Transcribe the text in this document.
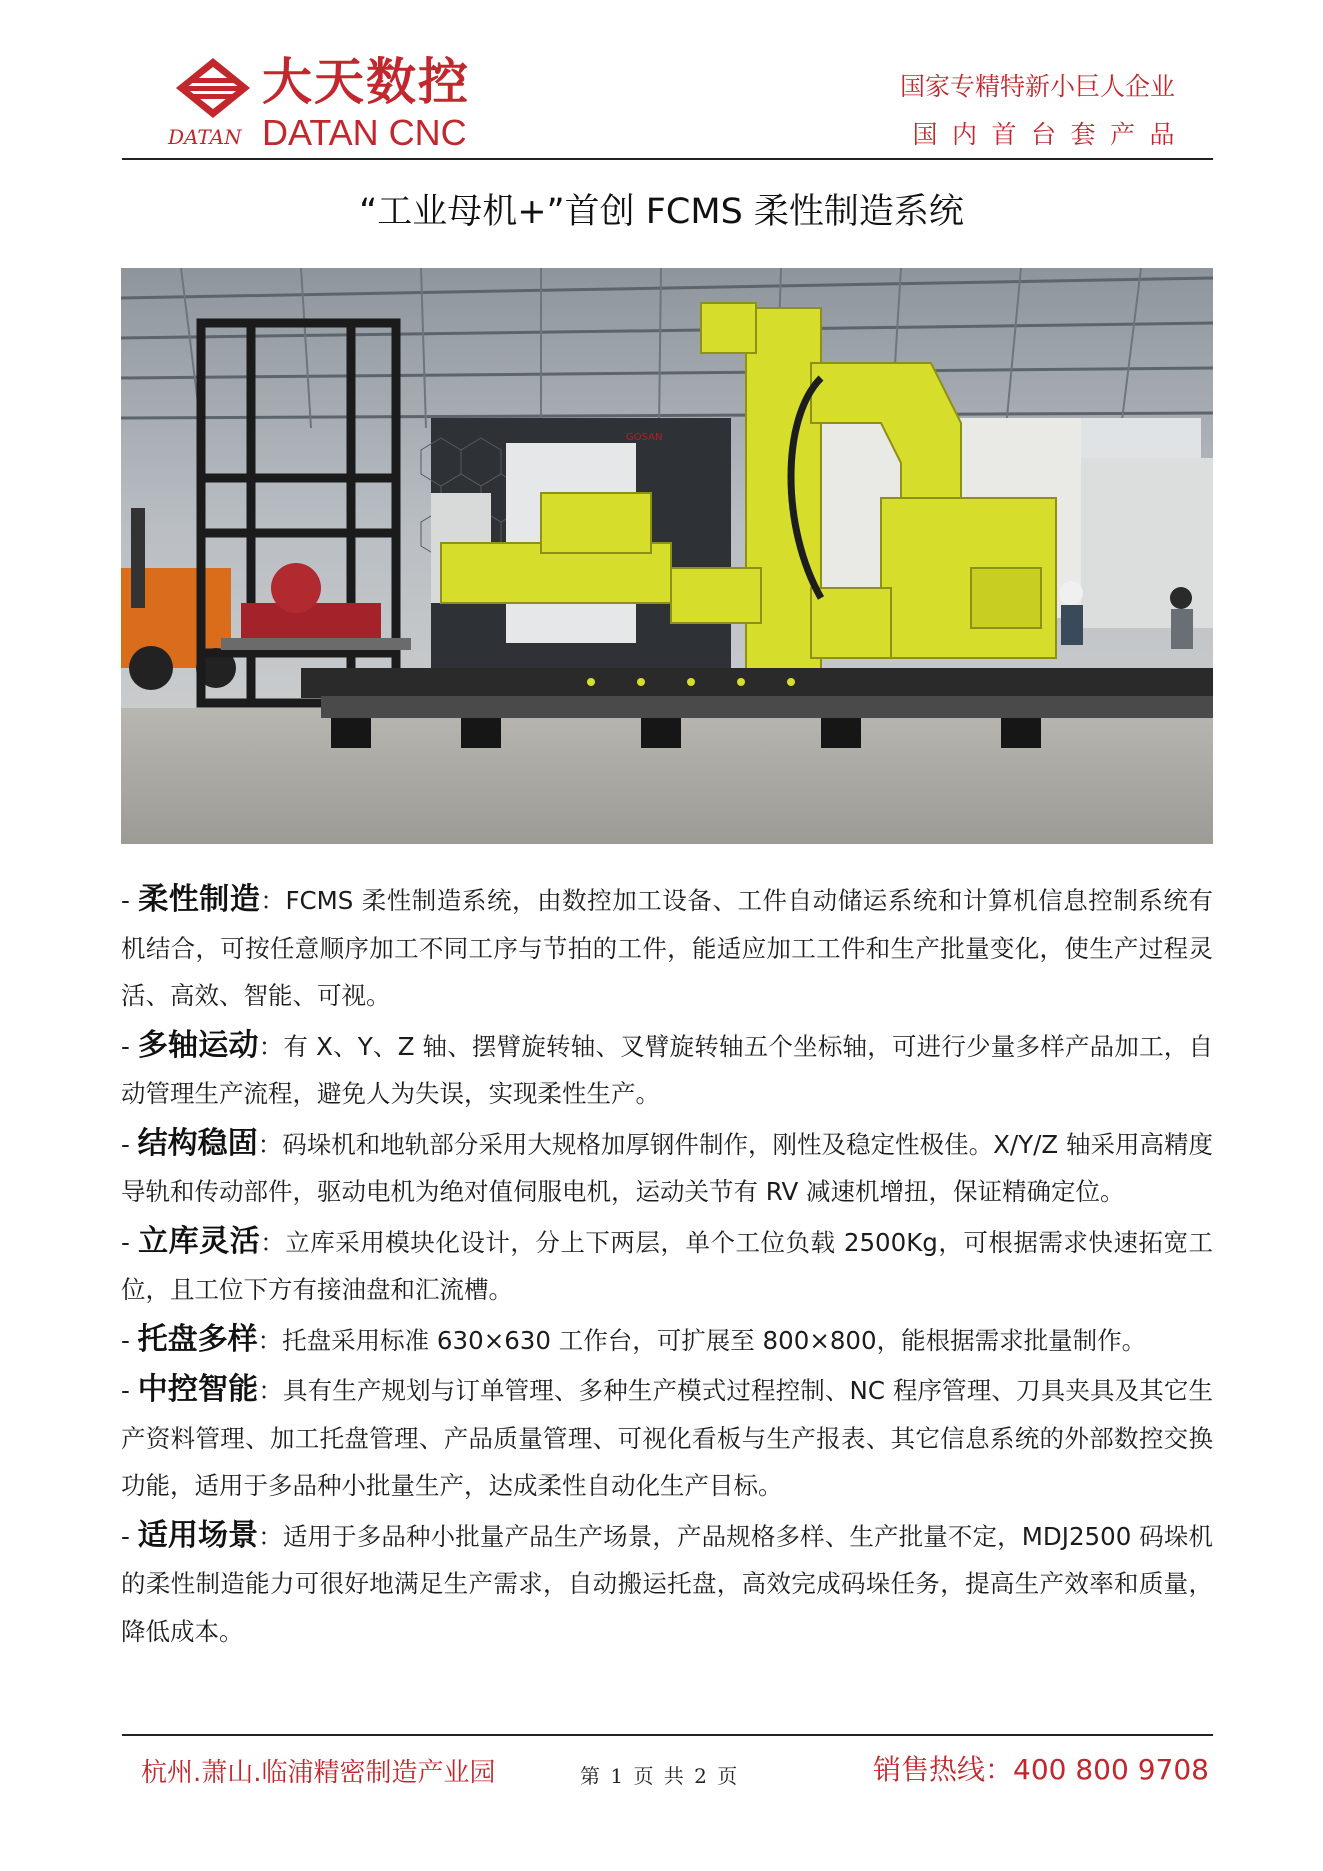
大天数控
DATAN DATAN CNC
国家专精特新小巨人企业
国内首台套产品
“工业母机+”首创 FCMS 柔性制造系统
GOSAN

- 柔性制造：FCMS 柔性制造系统，由数控加工设备、工件自动储运系统和计算机信息控制系统有机结合，可按任意顺序加工不同工序与节拍的工件，能适应加工工件和生产批量变化，使生产过程灵活、高效、智能、可视。

- 多轴运动：有 X、Y、Z 轴、摆臂旋转轴、叉臂旋转轴五个坐标轴，可进行少量多样产品加工，自动管理生产流程，避免人为失误，实现柔性生产。

- 结构稳固：码垛机和地轨部分采用大规格加厚钢件制作，刚性及稳定性极佳。X/Y/Z 轴采用高精度导轨和传动部件，驱动电机为绝对值伺服电机，运动关节有 RV 减速机增扭，保证精确定位。

- 立库灵活：立库采用模块化设计，分上下两层，单个工位负载 2500Kg，可根据需求快速拓宽工位，且工位下方有接油盘和汇流槽。

- 托盘多样：托盘采用标准 630×630 工作台，可扩展至 800×800，能根据需求批量制作。

- 中控智能：具有生产规划与订单管理、多种生产模式过程控制、NC 程序管理、刀具夹具及其它生产资料管理、加工托盘管理、产品质量管理、可视化看板与生产报表、其它信息系统的外部数控交换功能，适用于多品种小批量生产，达成柔性自动化生产目标。

- 适用场景：适用于多品种小批量产品生产场景，产品规格多样、生产批量不定，MDJ2500 码垛机的柔性制造能力可很好地满足生产需求，自动搬运托盘，高效完成码垛任务，提高生产效率和质量，降低成本。

杭州.萧山.临浦精密制造产业园	第 1 页 共 2 页	销售热线：400 800 9708
